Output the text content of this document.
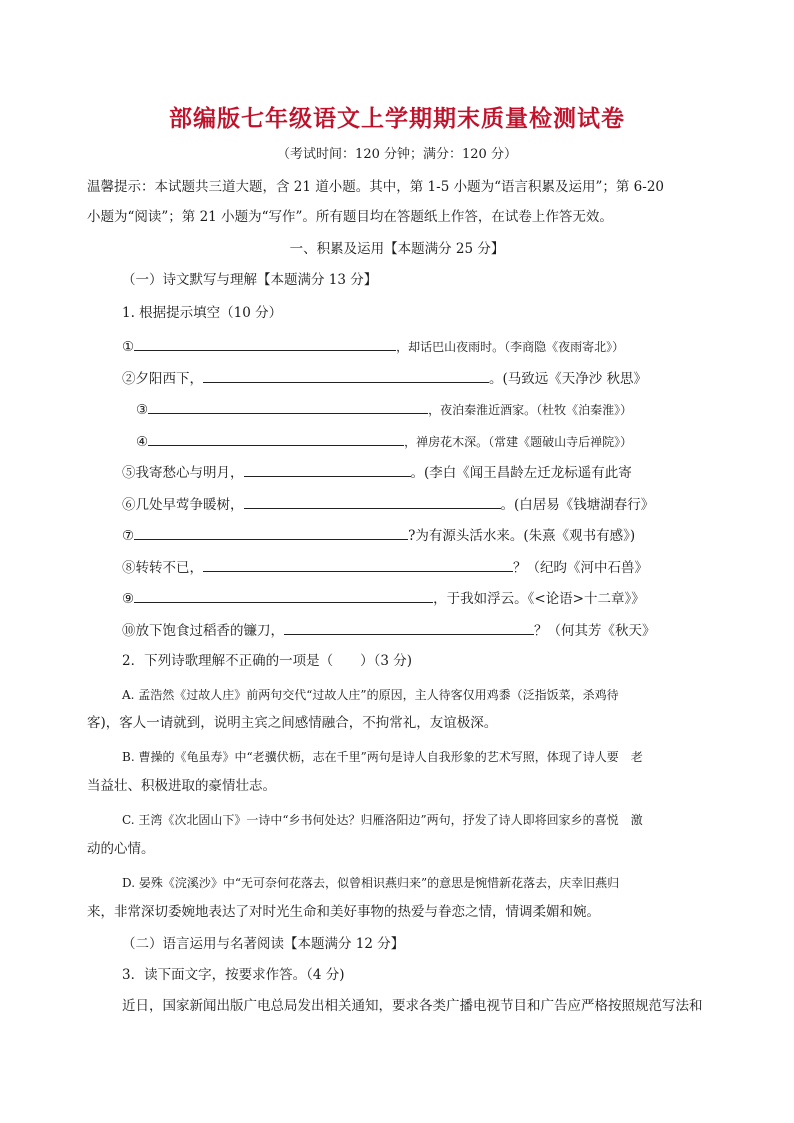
部编版七年级语文上学期期末质量检测试卷
（考试时间：120 分钟；满分：120 分）
温馨提示：本试题共三道大题，含 21 道小题。其中，第 1-5 小题为“语言积累及运用”；第 6-20
小题为“阅读”；第 21 小题为“写作”。所有题目均在答题纸上作答，在试卷上作答无效。
一、积累及运用【本题满分 25 分】
（一）诗文默写与理解【本题满分 13 分】
1. 根据提示填空（10 分）
①	，却话巴山夜雨时。（李商隐《夜雨寄北》）
②夕阳西下，	。(马致远《天净沙 秋思》
③	，夜泊秦淮近酒家。（杜牧《泊秦淮》）
④	，禅房花木深。（常建《题破山寺后禅院》）
⑤我寄愁心与明月，	。(李白《闻王昌龄左迁龙标遥有此寄
⑥几处早莺争暖树，	。(白居易《钱塘湖春行》
⑦	?为有源头活水来。(朱熹《观书有感》)
⑧转转不已，	？（纪昀《河中石兽》
⑨	，于我如浮云。《<论语>十二章》》
⑩放下饱食过稻香的镰刀，	？（何其芳《秋天》
2．下列诗歌理解不正确的一项是（　　）（3 分)
A. 孟浩然《过故人庄》前两句交代“过故人庄”的原因，主人待客仅用鸡黍（泛指饭菜，杀鸡待
客)，客人一请就到，说明主宾之间感情融合，不拘常礼，友谊极深。
B. 曹操的《龟虽寿》中“老骥伏枥，志在千里”两句是诗人自我形象的艺术写照，体现了诗人要　老
当益壮、积极进取的豪情壮志。
C. 王湾《次北固山下》一诗中“乡书何处达？归雁洛阳边”两句，抒发了诗人即将回家乡的喜悦　激
动的心情。
D. 晏殊《浣溪沙》中“无可奈何花落去，似曾相识燕归来”的意思是惋惜新花落去，庆幸旧燕归
来，非常深切委婉地表达了对时光生命和美好事物的热爱与眷恋之情，情调柔媚和婉。
（二）语言运用与名著阅读【本题满分 12 分】
3．读下面文字，按要求作答。（4 分)
近日，国家新闻出版广电总局发出相关通知，要求各类广播电视节目和广告应严格按照规范写法和
